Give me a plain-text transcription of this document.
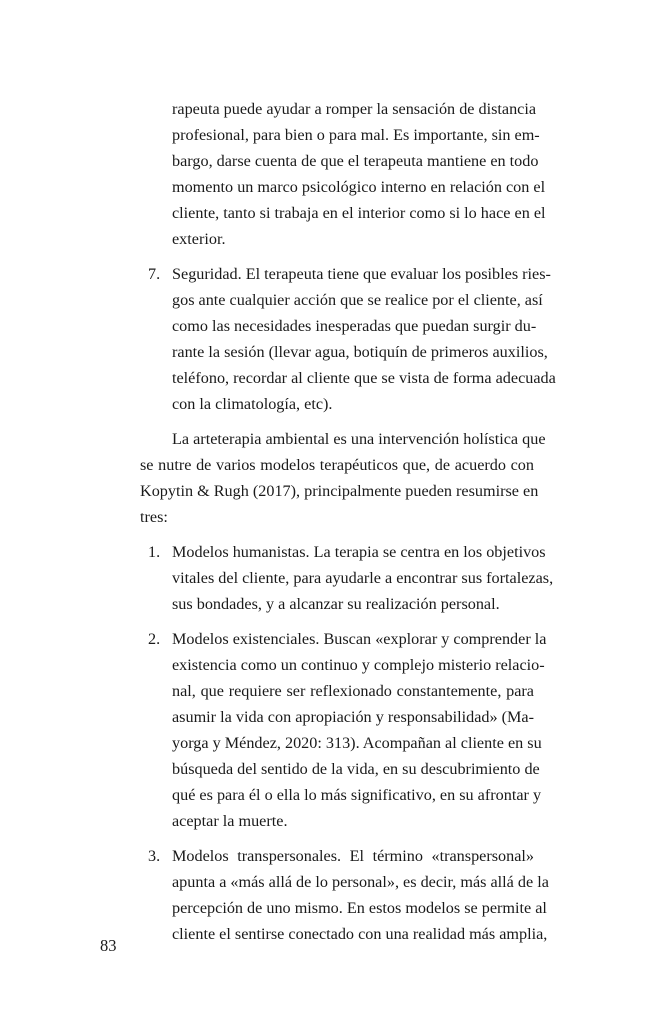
rapeuta puede ayudar a romper la sensación de distancia
profesional, para bien o para mal. Es importante, sin em-
bargo, darse cuenta de que el terapeuta mantiene en todo
momento un marco psicológico interno en relación con el
cliente, tanto si trabaja en el interior como si lo hace en el
exterior.
7. Seguridad. El terapeuta tiene que evaluar los posibles ries-
gos ante cualquier acción que se realice por el cliente, así
como las necesidades inesperadas que puedan surgir du-
rante la sesión (llevar agua, botiquín de primeros auxilios,
teléfono, recordar al cliente que se vista de forma adecuada
con la climatología, etc).
La arteterapia ambiental es una intervención holística que
se nutre de varios modelos terapéuticos que, de acuerdo con
Kopytin & Rugh (2017), principalmente pueden resumirse en
tres:
1. Modelos humanistas. La terapia se centra en los objetivos
vitales del cliente, para ayudarle a encontrar sus fortalezas,
sus bondades, y a alcanzar su realización personal.
2. Modelos existenciales. Buscan «explorar y comprender la
existencia como un continuo y complejo misterio relacio-
nal, que requiere ser reflexionado constantemente, para
asumir la vida con apropiación y responsabilidad» (Ma-
yorga y Méndez, 2020: 313). Acompañan al cliente en su
búsqueda del sentido de la vida, en su descubrimiento de
qué es para él o ella lo más significativo, en su afrontar y
aceptar la muerte.
3. Modelos transpersonales. El término «transpersonal»
apunta a «más allá de lo personal», es decir, más allá de la
percepción de uno mismo. En estos modelos se permite al
cliente el sentirse conectado con una realidad más amplia,
83
